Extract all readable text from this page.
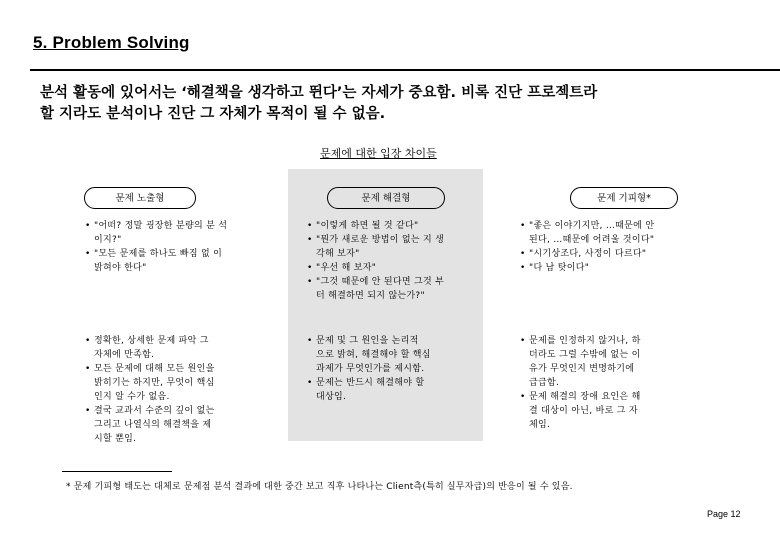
5. Problem Solving
분석 활동에 있어서는 ‘해결책을 생각하고 뛴다’는 자세가 중요함. 비록 진단 프로젝트라
할 지라도 분석이나 진단 그 자체가 목적이 될 수 없음.
문제에 대한 입장 차이들
문제 노출형	문제 해결형	문제 기피형*
• "어떠? 정말 굉장한 분량의 분 석
이지?"
• "모든 문제를 하나도 빠짐 없 이
밝혀야 한다"
• "이렇게 하면 될 것 같다"
• "뭔가 새로운 방법이 없는 지 생
각해 보자"
• "우선 해 보자"
• "그것 때문에 안 된다면 그것 부
터 해결하면 되지 않는가?"
• "좋은 이야기지만, …때문에 안
된다, …때문에 어려울 것이다"
• "시기상조다, 사정이 다르다"
• "다 남 탓이다"
• 정확한, 상세한 문제 파악 그
자체에 만족함.
• 모든 문제에 대해 모든 원인을
밝히기는 하지만, 무엇이 핵심
인지 알 수가 없음.
• 결국 교과서 수준의 깊이 없는
그리고 나열식의 해결책을 제
시할 뿐임.
• 문제 및 그 원인을 논리적
으로 밝혀, 해결해야 할 핵심
과제가 무엇인가를 제시함.
• 문제는 반드시 해결해야 할
대상임.
• 문제를 인정하지 않거나, 하
더라도 그럴 수밖에 없는 이
유가 무엇인지 변명하기에
급급함.
• 문제 해결의 장애 요인은 해
결 대상이 아닌, 바로 그 자
체임.
* 문제 기피형 태도는 대체로 문제점 분석 결과에 대한 중간 보고 직후 나타나는 Client측(특히 실무자급)의 반응이 될 수 있음.
Page 12
